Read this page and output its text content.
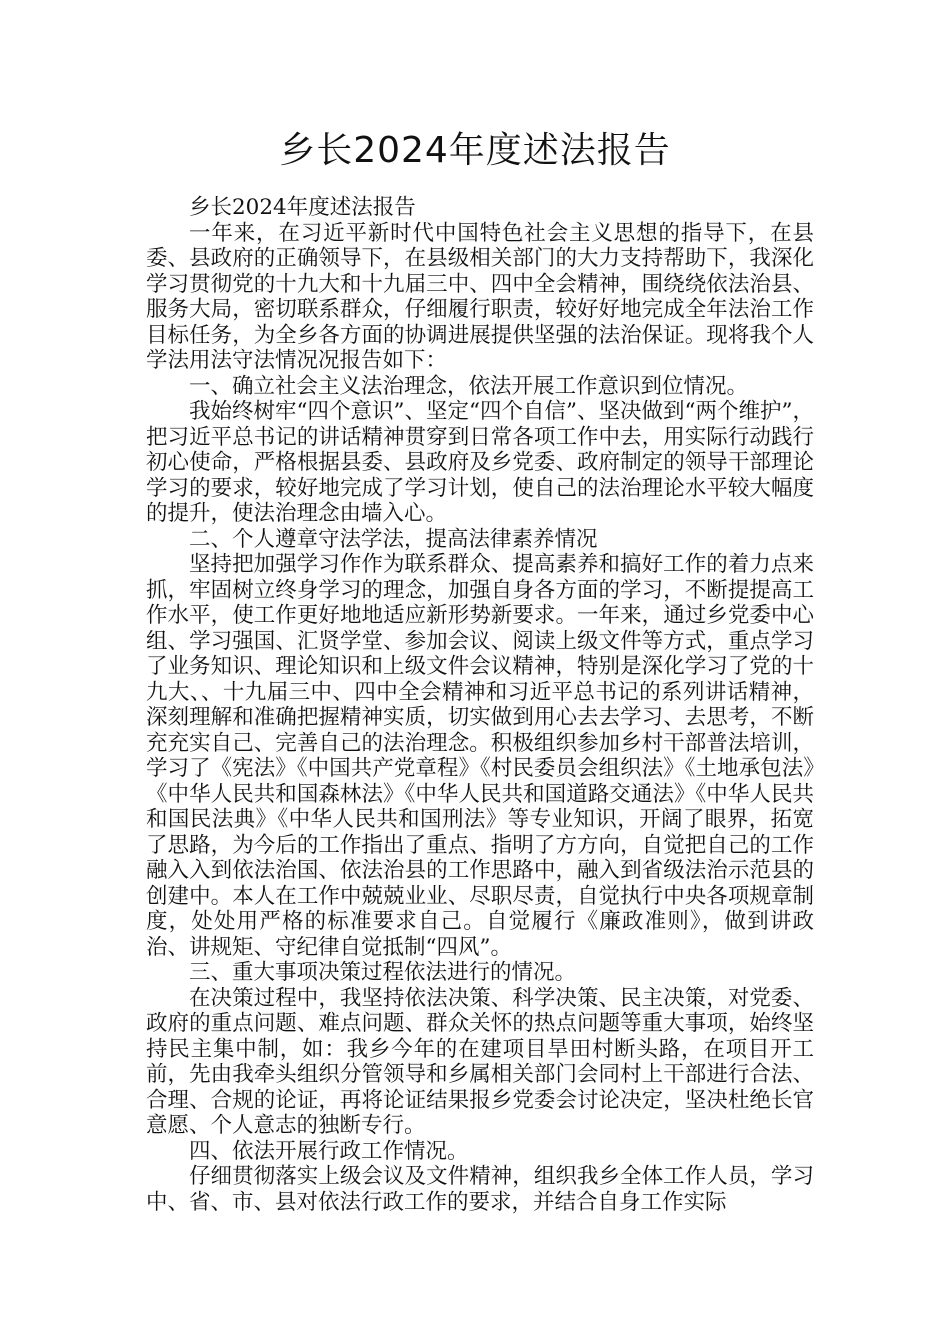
乡长2024年度述法报告

乡长2024年度述法报告

一年来，在习近平新时代中国特色社会主义思想的指导下，在县委、县政府的正确领导下，在县级相关部门的大力支持帮助下，我深化学习贯彻党的十九大和十九届三中、四中全会精神，围绕绕依法治县、服务大局，密切联系群众，仔细履行职责，较好好地完成全年法治工作目标任务，为全乡各方面的协调进展提供坚强的法治保证。现将我个人学法用法守法情况况报告如下：

一、确立社会主义法治理念，依法开展工作意识到位情况。

我始终树牢“四个意识”、坚定“四个自信”、坚决做到“两个维护”，把习近平总书记的讲话精神贯穿到日常各项工作中去，用实际行动践行初心使命，严格根据县委、县政府及乡党委、政府制定的领导干部理论学习的要求，较好地完成了学习计划，使自己的法治理论水平较大幅度的提升，使法治理念由墙入心。

二、个人遵章守法学法，提高法律素养情况

坚持把加强学习作作为联系群众、提高素养和搞好工作的着力点来抓，牢固树立终身学习的理念，加强自身各方面的学习，不断提提高工作水平，使工作更好地地适应新形势新要求。一年来，通过乡党委中心组、学习强国、汇贤学堂、参加会议、阅读上级文件等方式，重点学习了业务知识、理论知识和上级文件会议精神，特别是深化学习了党的十九大、、十九届三中、四中全会精神和习近平总书记的系列讲话精神，深刻理解和准确把握精神实质，切实做到用心去去学习、去思考，不断充充实自己、完善自己的法治理念。积极组织参加乡村干部普法培训，学习了《宪法》《中国共产党章程》《村民委员会组织法》《土地承包法》《中华人民共和国森林法》《中华人民共和国道路交通法》《中华人民共和国民法典》《中华人民共和国刑法》等专业知识，开阔了眼界，拓宽了思路，为今后的工作指出了重点、指明了方方向，自觉把自己的工作融入入到依法治国、依法治县的工作思路中，融入到省级法治示范县的创建中。本人在工作中兢兢业业、尽职尽责，自觉执行中央各项规章制度，处处用严格的标准要求自己。自觉履行《廉政准则》，做到讲政治、讲规矩、守纪律自觉抵制“四风”。

三、重大事项决策过程依法进行的情况。

在决策过程中，我坚持依法决策、科学决策、民主决策，对党委、政府的重点问题、难点问题、群众关怀的热点问题等重大事项，始终坚持民主集中制，如：我乡今年的在建项目旱田村断头路，在项目开工前，先由我牵头组织分管领导和乡属相关部门会同村上干部进行合法、合理、合规的论证，再将论证结果报乡党委会讨论决定，坚决杜绝长官意愿、个人意志的独断专行。

四、依法开展行政工作情况。

仔细贯彻落实上级会议及文件精神，组织我乡全体工作人员，学习中、省、市、县对依法行政工作的要求，并结合自身工作实际
